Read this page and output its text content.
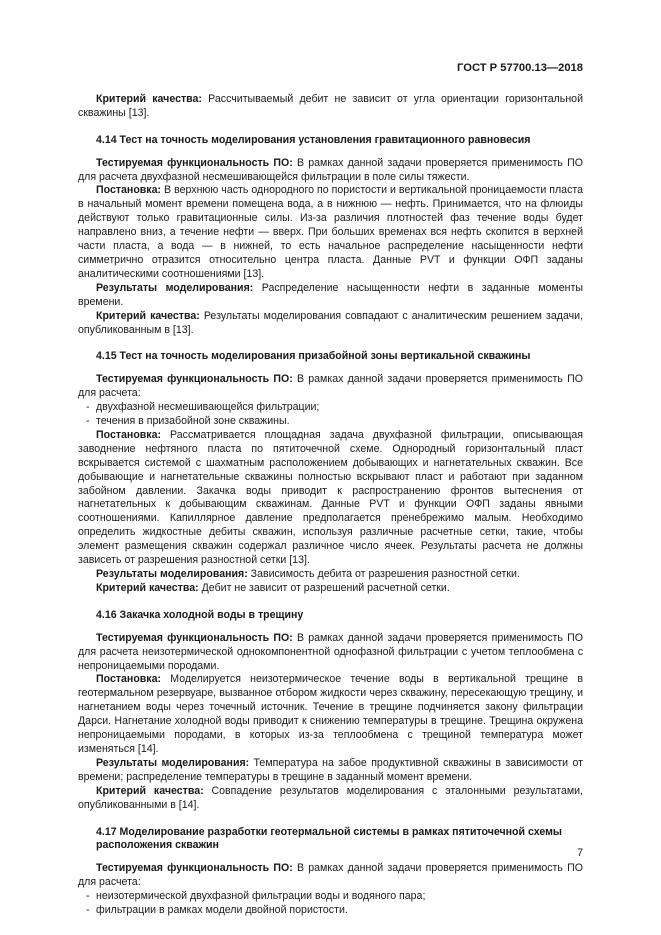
ГОСТ Р 57700.13—2018

Критерий качества: Рассчитываемый дебит не зависит от угла ориентации горизонтальной скважины [13].

4.14 Тест на точность моделирования установления гравитационного равновесия

Тестируемая функциональность ПО: В рамках данной задачи проверяется применимость ПО для расчета двухфазной несмешивающейся фильтрации в поле силы тяжести.

Постановка: В верхнюю часть однородного по пористости и вертикальной проницаемости пласта в начальный момент времени помещена вода, а в нижнюю — нефть. Принимается, что на флюиды действуют только гравитационные силы. Из-за различия плотностей фаз течение воды будет направлено вниз, а течение нефти — вверх. При больших временах вся нефть скопится в верхней части пласта, а вода — в нижней, то есть начальное распределение насыщенности нефти симметрично отразится относительно центра пласта. Данные PVT и функции ОФП заданы аналитическими соотношениями [13].

Результаты моделирования: Распределение насыщенности нефти в заданные моменты времени.

Критерий качества: Результаты моделирования совпадают с аналитическим решением задачи, опубликованным в [13].

4.15 Тест на точность моделирования призабойной зоны вертикальной скважины

Тестируемая функциональность ПО: В рамках данной задачи проверяется применимость ПО для расчета:

- двухфазной несмешивающейся фильтрации;
- течения в призабойной зоне скважины.

Постановка: Рассматривается площадная задача двухфазной фильтрации, описывающая заводнение нефтяного пласта по пятиточечной схеме. Однородный горизонтальный пласт вскрывается системой с шахматным расположением добывающих и нагнетательных скважин. Все добывающие и нагнетательные скважины полностью вскрывают пласт и работают при заданном забойном давлении. Закачка воды приводит к распространению фронтов вытеснения от нагнетательных к добывающим скважинам. Данные PVT и функции ОФП заданы явными соотношениями. Капиллярное давление предполагается пренебрежимо малым. Необходимо определить жидкостные дебиты скважин, используя различные расчетные сетки, такие, чтобы элемент размещения скважин содержал различное число ячеек. Результаты расчета не должны зависеть от разрешения разностной сетки [13].

Результаты моделирования: Зависимость дебита от разрешения разностной сетки.

Критерий качества: Дебит не зависит от разрешений расчетной сетки.

4.16 Закачка холодной воды в трещину

Тестируемая функциональность ПО: В рамках данной задачи проверяется применимость ПО для расчета неизотермической однокомпонентной однофазной фильтрации с учетом теплообмена с непроницаемыми породами.

Постановка: Моделируется неизотермическое течение воды в вертикальной трещине в геотермальном резервуаре, вызванное отбором жидкости через скважину, пересекающую трещину, и нагнетанием воды через точечный источник. Течение в трещине подчиняется закону фильтрации Дарси. Нагнетание холодной воды приводит к снижению температуры в трещине. Трещина окружена непроницаемыми породами, в которых из-за теплообмена с трещиной температура может изменяться [14].

Результаты моделирования: Температура на забое продуктивной скважины в зависимости от времени; распределение температуры в трещине в заданный момент времени.

Критерий качества: Совпадение результатов моделирования с эталонными результатами, опубликованными в [14].

4.17 Моделирование разработки геотермальной системы в рамках пятиточечной схемы расположения скважин

Тестируемая функциональность ПО: В рамках данной задачи проверяется применимость ПО для расчета:

- неизотермической двухфазной фильтрации воды и водяного пара;
- фильтрации в рамках модели двойной пористости.
7
